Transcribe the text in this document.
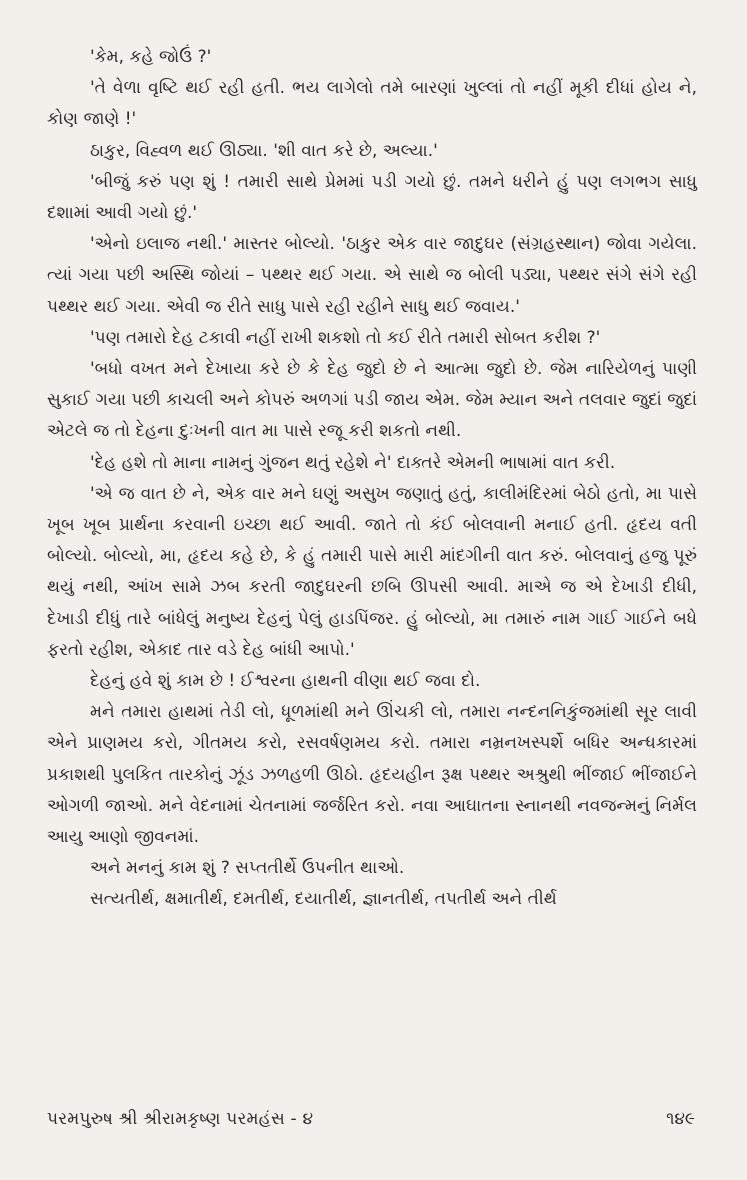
'કેમ, કહે જોઉં ?'

'તે વેળા વૃષ્ટિ થઈ રહી હતી. ભય લાગેલો તમે બારણાં ખુલ્લાં તો નહીં મૂકી દીધાં હોય ને, કોણ જાણે !'

ઠાકુર, વિહ્વળ થઈ ઊઠ્યા. 'શી વાત કરે છે, અલ્યા.'

'બીજું કરું પણ શું ! તમારી સાથે પ્રેમમાં પડી ગયો છું. તમને ધરીને હું પણ લગભગ સાધુ દશામાં આવી ગયો છું.'

'એનો ઇલાજ નથી.' માસ્તર બોલ્યો. 'ઠાકુર એક વાર જાદુઘર (સંગ્રહસ્થાન) જોવા ગયેલા. ત્યાં ગયા પછી અસ્થિ જોયાં – પથ્થર થઈ ગયા. એ સાથે જ બોલી પડ્યા, પથ્થર સંગે સંગે રહી પથ્થર થઈ ગયા. એવી જ રીતે સાધુ પાસે રહી રહીને સાધુ થઈ જવાય.'

'પણ તમારો દેહ ટકાવી નહીં રાખી શકશો તો કઈ રીતે તમારી સોબત કરીશ ?'

'બધો વખત મને દેખાયા કરે છે કે દેહ જુદો છે ને આત્મા જુદો છે. જેમ નારિયેળનું પાણી સુકાઈ ગયા પછી કાચલી અને કોપરું અળગાં પડી જાય એમ. જેમ મ્યાન અને તલવાર જુદાં જુદાં એટલે જ તો દેહના દુઃખની વાત મા પાસે રજૂ કરી શકતો નથી.

'દેહ હશે તો માના નામનું ગુંજન થતું રહેશે ને' દાક્તરે એમની ભાષામાં વાત કરી.

'એ જ વાત છે ને, એક વાર મને ઘણું અસુખ જણાતું હતું, કાલીમંદિરમાં બેઠો હતો, મા પાસે ખૂબ ખૂબ પ્રાર્થના કરવાની ઇચ્છા થઈ આવી. જાતે તો કંઈ બોલવાની મનાઈ હતી. હૃદય વતી બોલ્યો. બોલ્યો, મા, હૃદય કહે છે, કે હું તમારી પાસે મારી માંદગીની વાત કરું. બોલવાનું હજુ પૂરું થયું નથી, આંખ સામે ઝબ કરતી જાદુઘરની છબિ ઊપસી આવી. માએ જ એ દેખાડી દીધી, દેખાડી દીધું તારે બાંધેલું મનુષ્ય દેહનું પેલું હાડપિંજર. હું બોલ્યો, મા તમારું નામ ગાઈ ગાઈને બધે ફરતો રહીશ, એકાદ તાર વડે દેહ બાંધી આપો.'

દેહનું હવે શું કામ છે ! ઈશ્વરના હાથની વીણા થઈ જવા દો.

મને તમારા હાથમાં તેડી લો, ધૂળમાંથી મને ઊંચકી લો, તમારા નન્દનનિકુંજમાંથી સૂર લાવી એને પ્રાણમય કરો, ગીતમય કરો, રસવર્ષણમય કરો. તમારા નમ્રનખસ્પર્શે બધિર અન્ધકારમાં પ્રકાશથી પુલકિત તારકોનું ઝૂંડ ઝળહળી ઊઠો. હૃદયહીન રૂક્ષ પથ્થર અશ્રુથી ભીંજાઈ ભીંજાઈને ઓગળી જાઓ. મને વેદનામાં ચેતનામાં જર્જરિત કરો. નવા આઘાતના સ્નાનથી નવજન્મનું નિર્મલ આયુ આણો જીવનમાં.

અને મનનું કામ શું ? સપ્તતીર્થે ઉપનીત થાઓ.

સત્યતીર્થ, ક્ષમાતીર્થ, દમતીર્થ, દયાતીર્થ, જ્ઞાનતીર્થ, તપતીર્થ અને તીર્થ

પરમપુરુષ શ્રી શ્રીરામકૃષ્ણ પરમહંસ - ૪	૧૪૯
